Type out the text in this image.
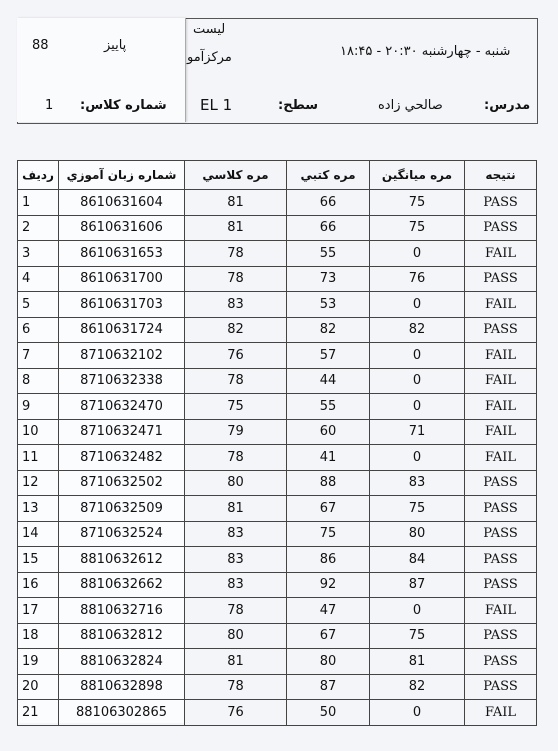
88	پاييز
ليست
مركزآمو	شنبه - چهارشنبه ۲۰:۳۰ - ۱۸:۴۵
1 شماره كلاس: EL 1	سطح:	صالحي زاده	مدرس:
رديف	شماره زبان آموزي	مره كلاسي	مره كتبي	مره ميانگين	نتيجه
1	8610631604	81	66	75	PASS
2	8610631606	81	66	75	PASS
3	8610631653	78	55	0	FAIL
4	8610631700	78	73	76	PASS
5	8610631703	83	53	0	FAIL
6	8610631724	82	82	82	PASS
7	8710632102	76	57	0	FAIL
8	8710632338	78	44	0	FAIL
9	8710632470	75	55	0	FAIL
10	8710632471	79	60	71	FAIL
11	8710632482	78	41	0	FAIL
12	8710632502	80	88	83	PASS
13	8710632509	81	67	75	PASS
14	8710632524	83	75	80	PASS
15	8810632612	83	86	84	PASS
16	8810632662	83	92	87	PASS
17	8810632716	78	47	0	FAIL
18	8810632812	80	67	75	PASS
19	8810632824	81	80	81	PASS
20	8810632898	78	87	82	PASS
21	88106302865	76	50	0	FAIL
